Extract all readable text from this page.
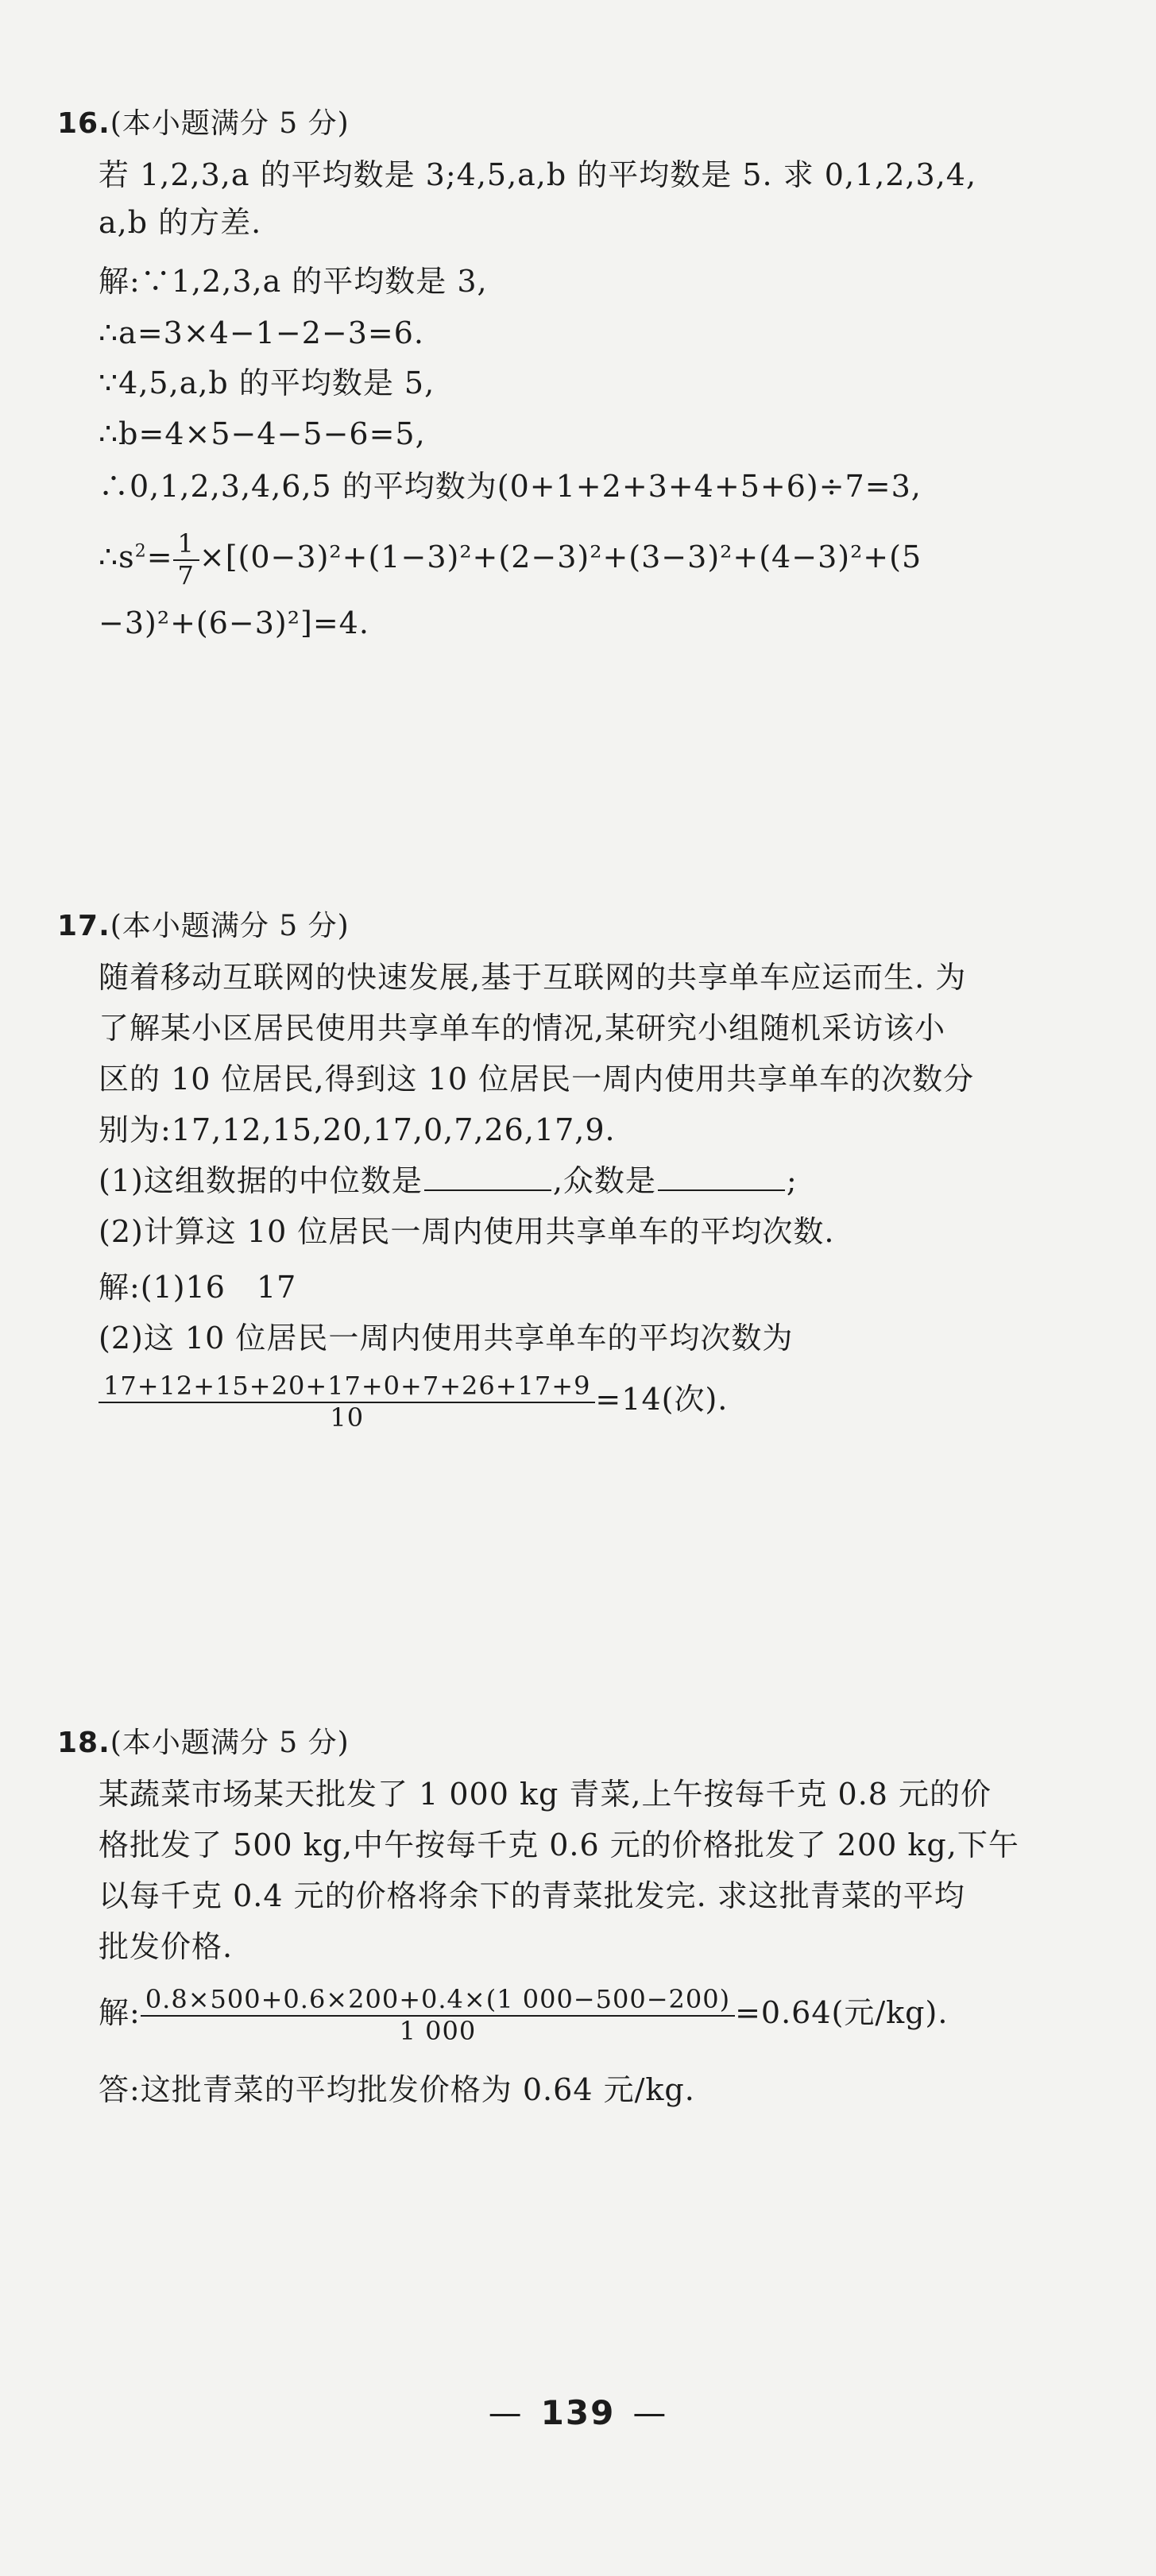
16.(本小题满分 5 分)
若 1,2,3,a 的平均数是 3;4,5,a,b 的平均数是 5. 求 0,1,2,3,4,
a,b 的方差.
解:∵1,2,3,a 的平均数是 3,
∴a=3×4−1−2−3=6.
∵4,5,a,b 的平均数是 5,
∴b=4×5−4−5−6=5,
∴0,1,2,3,4,6,5 的平均数为(0+1+2+3+4+5+6)÷7=3,
$\therefore s^2= \frac{1}{7} \times[(0-3)^2+(1-3)^2+(2-3)^2+(3-3)^2+(4-3)^2+(5$
−3)²+(6−3)²]=4.
17.(本小题满分 5 分)
随着移动互联网的快速发展,基于互联网的共享单车应运而生. 为
了解某小区居民使用共享单车的情况,某研究小组随机采访该小
区的 10 位居民,得到这 10 位居民一周内使用共享单车的次数分
别为:17,12,15,20,17,0,7,26,17,9.
(1)这组数据的中位数是	,众数是	;
(2)计算这 10 位居民一周内使用共享单车的平均次数.
解:(1)16　17
(2)这 10 位居民一周内使用共享单车的平均次数为
$\frac{17+12+15+20+17+0+7+26+17+9}{10} =14$(次).
18.(本小题满分 5 分)
某蔬菜市场某天批发了 1 000 kg 青菜,上午按每千克 0.8 元的价
格批发了 500 kg,中午按每千克 0.6 元的价格批发了 200 kg,下午
以每千克 0.4 元的价格将余下的青菜批发完. 求这批青菜的平均
批发价格.
解: $\frac{0.8\times 500+0.6\times 200+0.4\times(1 000-500-200)}{1 000} =0.64$(元/kg).
答:这批青菜的平均批发价格为 0.64 元/kg.
— 139 —
